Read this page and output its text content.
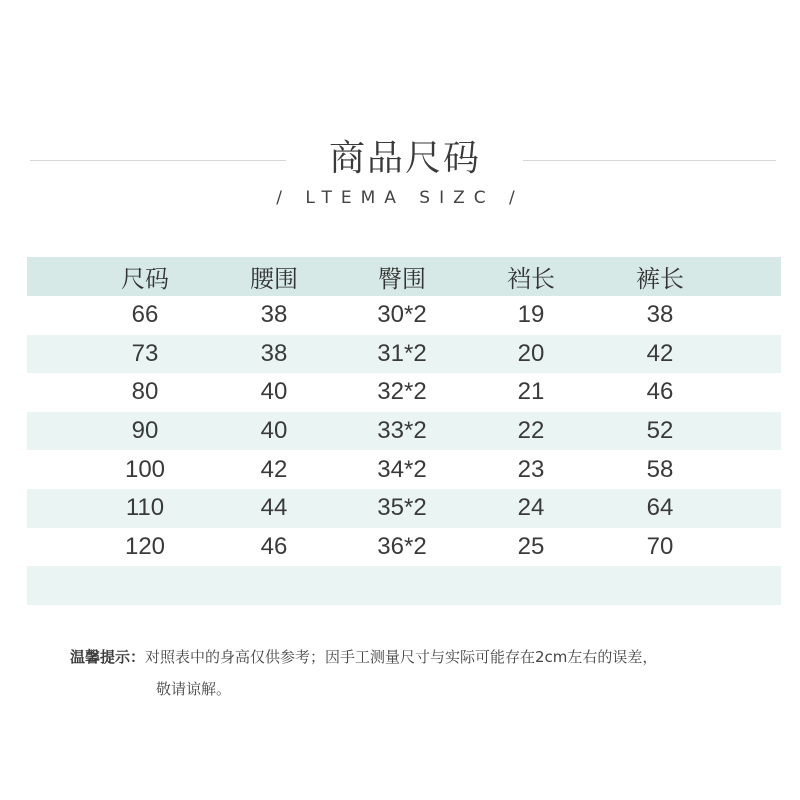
商品尺码
/ LTEMA SIZC /
尺码	腰围	臀围	裆长	裤长
66	38	30*2	19	38
73	38	31*2	20	42
80	40	32*2	21	46
90	40	33*2	22	52
100	42	34*2	23	58
110	44	35*2	24	64
120	46	36*2	25	70
温馨提示：对照表中的身高仅供参考；因手工测量尺寸与实际可能存在2cm左右的误差，
敬请谅解。
